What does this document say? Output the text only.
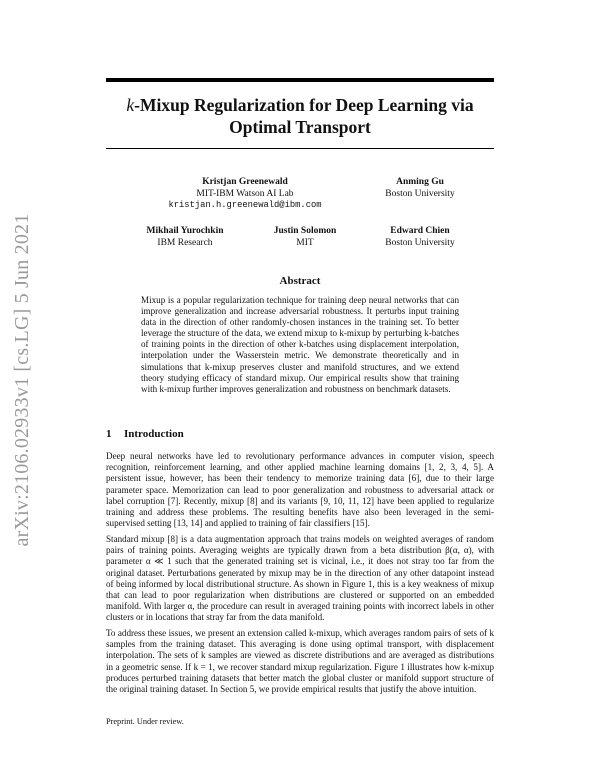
arXiv:2106.02933v1 [cs.LG] 5 Jun 2021
k-Mixup Regularization for Deep Learning via
Optimal Transport
Kristjan Greenewald
MIT-IBM Watson AI Lab
kristjan.h.greenewald@ibm.com
Anming Gu
Boston University
Mikhail Yurochkin
IBM Research
Justin Solomon
MIT
Edward Chien
Boston University
Abstract
Mixup is a popular regularization technique for training deep neural networks that can improve generalization and increase adversarial robustness. It perturbs input training data in the direction of other randomly-chosen instances in the training set. To better leverage the structure of the data, we extend mixup to k-mixup by perturbing k-batches of training points in the direction of other k-batches using displacement interpolation, interpolation under the Wasserstein metric. We demonstrate theoretically and in simulations that k-mixup preserves cluster and manifold structures, and we extend theory studying efficacy of standard mixup. Our empirical results show that training with k-mixup further improves generalization and robustness on benchmark datasets.
1 Introduction

Deep neural networks have led to revolutionary performance advances in computer vision, speech recognition, reinforcement learning, and other applied machine learning domains [1, 2, 3, 4, 5]. A persistent issue, however, has been their tendency to memorize training data [6], due to their large parameter space. Memorization can lead to poor generalization and robustness to adversarial attack or label corruption [7]. Recently, mixup [8] and its variants [9, 10, 11, 12] have been applied to regularize training and address these problems. The resulting benefits have also been leveraged in the semi-supervised setting [13, 14] and applied to training of fair classifiers [15].

Standard mixup [8] is a data augmentation approach that trains models on weighted averages of random pairs of training points. Averaging weights are typically drawn from a beta distribution β(α, α), with parameter α ≪ 1 such that the generated training set is vicinal, i.e., it does not stray too far from the original dataset. Perturbations generated by mixup may be in the direction of any other datapoint instead of being informed by local distributional structure. As shown in Figure 1, this is a key weakness of mixup that can lead to poor regularization when distributions are clustered or supported on an embedded manifold. With larger α, the procedure can result in averaged training points with incorrect labels in other clusters or in locations that stray far from the data manifold.

To address these issues, we present an extension called k-mixup, which averages random pairs of sets of k samples from the training dataset. This averaging is done using optimal transport, with displacement interpolation. The sets of k samples are viewed as discrete distributions and are averaged as distributions in a geometric sense. If k = 1, we recover standard mixup regularization. Figure 1 illustrates how k-mixup produces perturbed training datasets that better match the global cluster or manifold support structure of the original training dataset. In Section 5, we provide empirical results that justify the above intuition.

Preprint. Under review.
